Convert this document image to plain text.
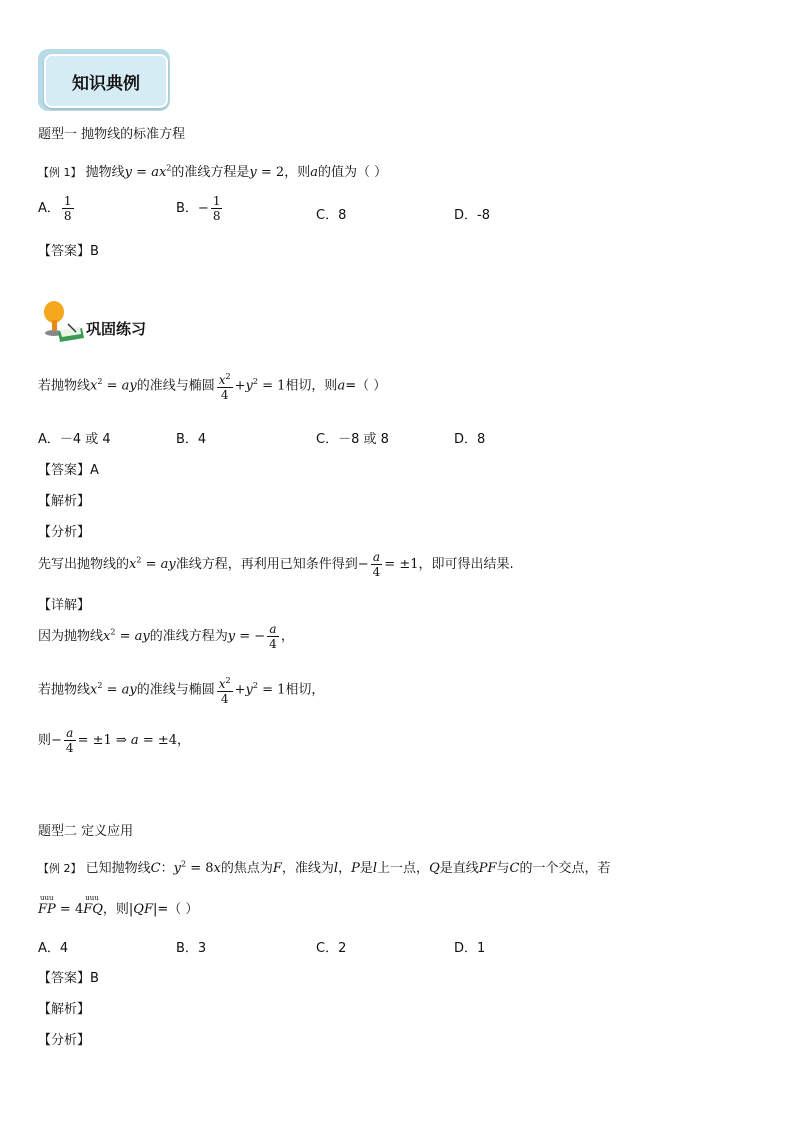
知识典例
题型一 抛物线的标准方程
【例 1】 抛物线$y = ax^2$的准线方程是y = 2，则a的值为（ ）
A． $\frac{1}{8}$	B．− $\frac{1}{8}$	C．8	D．-8
【答案】B
巩固练习
若抛物线$x^2$ = ay的准线与椭圆 $\frac{x^2}{4} +y^2 = 1$相切，则a=（ ）
A．－4 或 4	B．4	C．－8 或 8	D．8
【答案】A
【解析】
【分析】
先写出抛物线的$x^2$ = ay准线方程，再利用已知条件得到− $\frac{a}{4} = \pm 1$，即可得出结果.
【详解】
因为抛物线$x^2$ = ay的准线方程为y = − $\frac{a}{4}$ ，
若抛物线$x^2$ = ay的准线与椭圆 $\frac{x^2}{4} +y^2 = 1$相切，
则− $\frac{a}{4} = \pm 1$ ⇒ a = ±4，
题型二 定义应用
【例 2】 已知抛物线C：$y^2 = 8x$的焦点为F，准线为l，P是l上一点，Q是直线PF与C的一个交点，若
uuu
FP = 4
uuu
FQ，则|QF|=（ ）
A．4	B．3	C．2	D．1
【答案】B
【解析】
【分析】
